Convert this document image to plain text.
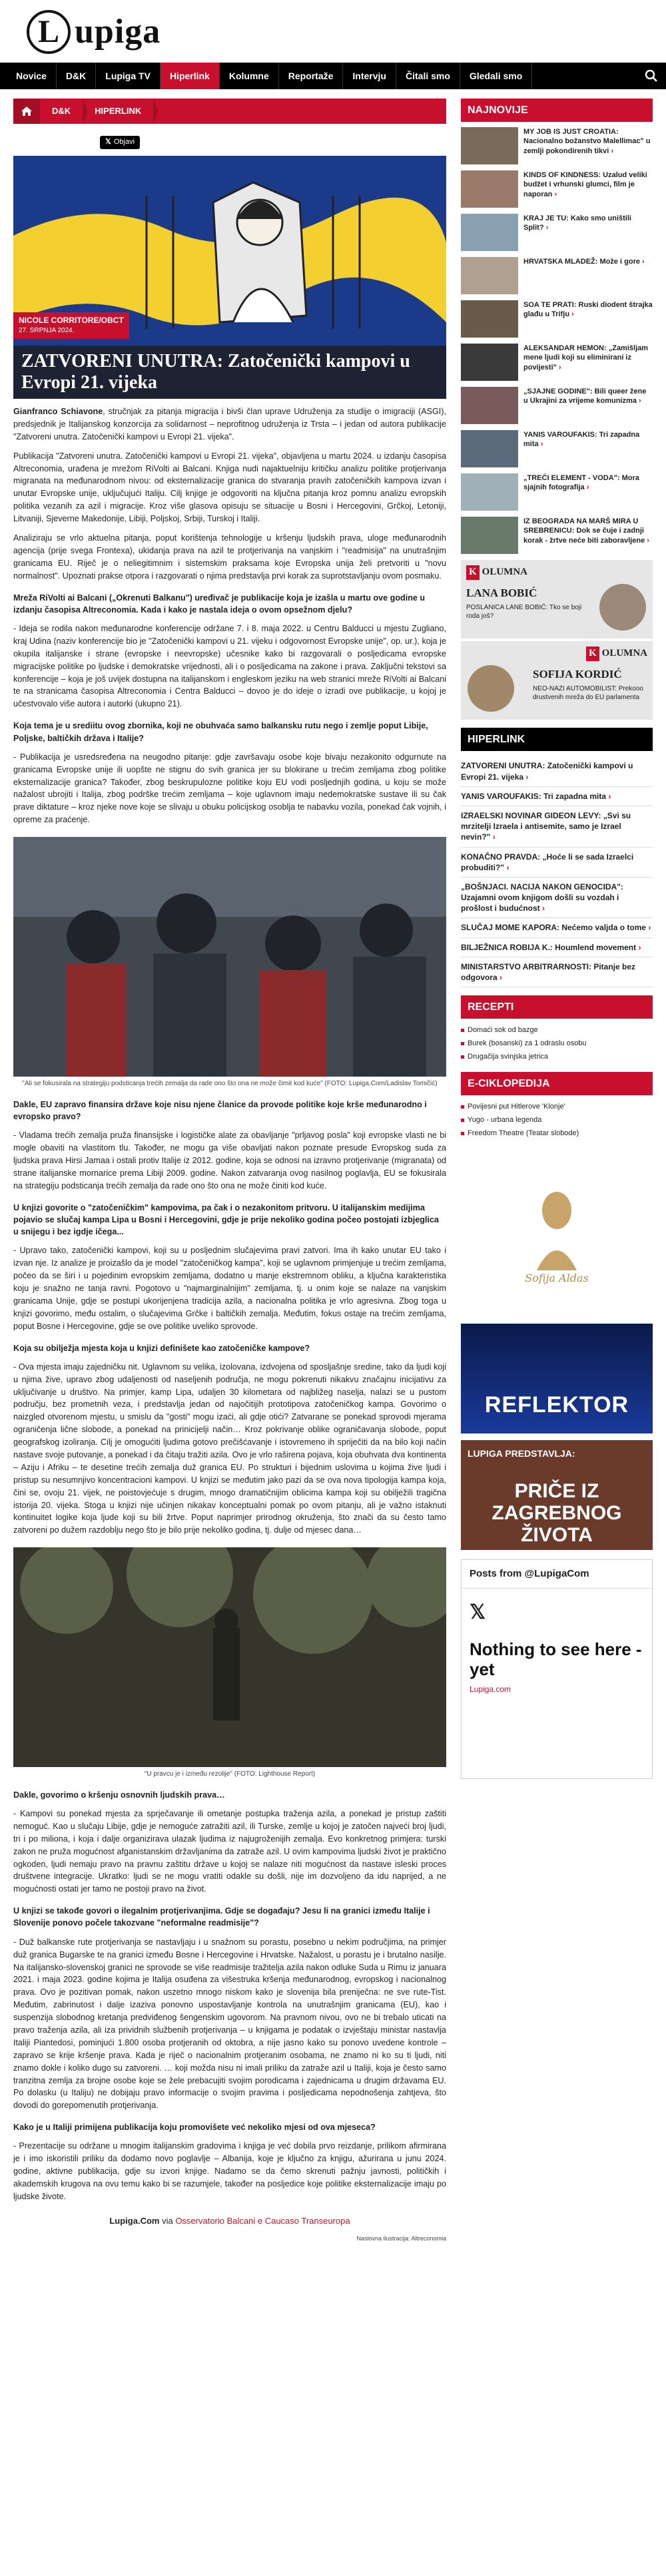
L upiga
Novice	D&K	Lupiga TV	Hiperlink	Kolumne	Reportaže	Intervju	Čitali smo	Gledali smo
D&K	HIPERLINK
𝕏 Objavi
NICOLE CORRITORE/OBCT
27. SRPNJA 2024.
ZATVORENI UNUTRA: Zatočenički kampovi u Evropi 21. vijeka

Gianfranco Schiavone, stručnjak za pitanja migracija i bivši član upravе Udruženja za studije o imigraciji (ASGI), predsjednik je Italijanskog konzorcija za solidarnost – neprofitnog udruženja iz Trsta – i jedan od autora publikacije "Zatvoreni unutra. Zatočenički kampovi u Evropi 21. vijeka".

Publikacija "Zatvoreni unutra. Zatočenički kampovi u Evropi 21. vijeka", objavljena u martu 2024. u izdanju časopisa Altreconomia, urađena je mrežom RiVolti ai Balcani. Knjiga nudi najaktuelniju kritičku analizu politike protjerivanja migranata na međunarodnom nivou: od eksternalizacije granica do stvaranja pravih zatočeničkih kampova izvan i unutar Evropske unije, uključujući Italiju. Cilj knjige je odgovoriti na ključna pitanja kroz pomnu analizu evropskih politika vezanih za azil i migracije. Kroz više glasova opisuju se situacije u Bosni i Hercegovini, Grčkoj, Letoniji, Litvaniji, Sjeverne Makedonije, Libiji, Poljskoj, Srbiji, Turskoj i Italiji.

Analiziraju se vrlo aktuelna pitanja, poput korištenja tehnologije u kršenju ljudskih prava, uloge međunarodnih agencija (prije svega Frontexa), ukidanja prava na azil te protjerivanja na vanjskim i "readmisija" na unutrašnjim granicama EU. Riječ je o neliegitimnim i sistemskim praksama koje Evropska unija želi pretvoriti u "novu normalnost". Upoznati prakse otpora i razgovarati o njima predstavlja prvi korak za suprotstavljanju ovom posmaku.

Mreža RiVolti ai Balcani („Okrenuti Balkanu") uređivač je publikacije koja je izašla u martu ove godine u izdanju časopisa Altreconomia. Kada i kako je nastala ideja o ovom opsežnom djelu?

- Ideja se rodila nakon međunarodne konferencije održane 7. i 8. maja 2022. u Centru Balducci u mjestu Zugliano, kraj Udina (naziv konferencije bio je "Zatočenički kampovi u 21. vijeku i odgovornost Evropske unije", op. ur.), koja je okupila italijanske i strane (evropske i neevropske) učesnike kako bi razgovarali o posljedicama evropske migracijske politike po ljudske i demokratske vrijednosti, ali i o posljedicama na zakone i prava. Zaključni tekstovi sa konferencije – koja je još uvijek dostupna na italijanskom i engleskom jeziku na web stranici mreže RiVolti ai Balcani te na stranicama časopisa Altreconomia i Centra Balducci – dovoo je do ideje o izradi ove publikacije, u kojoj je učestvovalo više autora i autorki (ukupno 21).

Koja tema je u srediitu ovog zbornika, koji ne obuhvaća samo balkansku rutu nego i zemlje poput Libije, Poljske, baltičkih država i Italije?

- Publikacija je usredsređena na neugodno pitanje: gdje završavaju osobe koje bivaju nezakonito odgurnute na granicama Evropske unije ili uopšte ne stignu do svih granica jer su blokirane u trećim zemljama zbog politike eksternalizacije granica? Također, zbog beskrupulozne politike koju EU vodi posljednjih godina, u koju se može nažalost ubrojiti i Italija, zbog podrške trećim zemljama – koje uglavnom imaju nedemokratske sustave ili su čak prave diktature – kroz njeke nove koje se slivaju u obuku policijskog osoblja te nabavku vozila, ponekad čak vojnih, i opreme za praćenje.

"Ali se fokusirala na strategiju podsticanja trećih zemalja da rade ono što ona ne može čimit kod kuće" (FOTO: Lupiga.Com/Ladislav Tomičić)

Dakle, EU zapravo finansira države koje nisu njene članice da provode politike koje krše međunarodno i evropsko pravo?

- Vladama trećih zemalja pruža finansijske i logističke alate za obavljanje "prljavog posla" koji evropske vlasti ne bi mogle obaviti na vlastitom tlu. Također, ne mogu ga više obavljati nakon poznate presude Evropskog suda za ljudska prava Hirsi Jamaa i ostali protiv Italije iz 2012. godine, koja se odnosi na izravno protjerivanje (migranata) od strane italijanske mornarice prema Libiji 2009. godine. Nakon zatvaranja ovog nasilnog poglavlja, EU se fokusirala na strategiju podsticanja trećih zemalja da rade ono što ona ne može činiti kod kuće.

U knjizi govorite o "zatočeničkim" kampovima, pa čak i o nezakonitom pritvoru. U italijanskim medijima pojavio se slučaj kampa Lipa u Bosni i Hercegovini, gdje je prije nekoliko godina počeo postojati izbjeglica u snijegu i bez igdje ičega...

- Upravo tako, zatočenički kampovi, koji su u posljednim slučajevima pravi zatvori. Ima ih kako unutar EU tako i izvan nje. Iz analize je proizašlo da je model "zatočeničkog kampa", koji se uglavnom primjenjuje u trećim zemljama, počeo da se širi i u pojedinim evropskim zemljama, dodatno u manje ekstremnom obliku, a ključna karakteristika koju je snažno ne tanja ravni. Pogotovo u "najmarginalnijim" zemljama, tj. u onim koje se nalaze na vanjskim granicama Unije, gdje se postupi ukorijenjena tradicija azila, a nacionalna politika je vrlo agresivna. Zbog toga u knjizi govorimo, među ostalim, o slučajevima Grčke i baltičkih zemalja. Međutim, fokus ostaje na trećim zemljama, poput Bosne i Hercegovine, gdje se ove politike uveliko sprovode.

Koja su obilježja mjesta koja u knjizi definišete kao zatočeničke kampove?

- Ova mjesta imaju zajedničku nit. Uglavnom su velika, izolovana, izdvojena od sposljašnje sredine, tako da ljudi koji u njima žive, upravo zbog udaljenosti od naseljenih područja, ne mogu pokrenuti nikakvu značajnu inicijativu za uključivanje u društvo. Na primjer, kamp Lipa, udaljen 30 kilometara od najbližeg naselja, nalazi se u pustom području, bez prometnih veza, i predstavlja jedan od najočitijih prototipova zatočeničkog kampa. Govorimo o naizgled otvorenom mjestu, u smislu da "gosti" mogu izaći, ali gdje otići? Zatvarane se ponekad sprovodi mjerama ograničenja lične slobode, a ponekad na prinicijelji način… Kroz pokrivanje oblike ograničavanja slobode, poput geografskog izoliranja. Cilj je omogućiti ljudima gotovo prečišćavanje i istovremeno ih spriječiti da na bilo koji način nastave svoje putovanje, a ponekad i da čitaju tražiti azila. Ovo je vrlo raširena pojava, koja obuhvata dva kontinenta – Aziju i Afriku – te desetine trećih zemalja duž granica EU. Po strukturi i bijednim uslovima u kojima žive ljudi i pristup su nesumnjivo koncentracioni kampovi. U knjizi se međutim jako pazi da se ova nova tipologija kampa koja, čini se, ovoju 21. vijek, ne poistovjećuje s drugim, mnogo dramatičnijim oblicima kampa koji su obilježili tragična istorija 20. vijeka. Stoga u knjizi nije učinjen nikakav konceptualni pomak po ovom pitanju, ali je važno istaknuti kontinuitet logike koja ljude koji su bili žrtve. Poput naprimjer prirodnog okruženja, što znači da su često tamo zatvoreni po dužem razdoblju nego što je bilo prije nekoliko godina, tj. dulje od mjesec dana…

"U pravcu je i između rezolije" (FOTO: Lighthouse Report)

Dakle, govorimo o kršenju osnovnih ljudskih prava…

- Kampovi su ponekad mjesta za sprječavanje ili ometanje postupka traženja azila, a ponekad je pristup zaštiti nemoguć. Kao u slučaju Libije, gdje je nemoguće zatražiti azil, ili Turske, zemlje u kojoj je zatočen najveći broj ljudi, tri i po miliona, i koja i dalje organizirava ulazak ljudima iz najugroženijih zemalja. Evo konkretnog primjera: turski zakon ne pruža mogućnost afganistanskim državljanima da zatraže azil. U ovim kampovima ljudski život je praktično ogkoden, ljudi nemaju pravo na pravnu zaštitu države u kojoj se nalaze niti mogućnost da nastave isleski proces društvene integracije. Ukratko: ljudi se ne mogu vratiti odakle su došli, nije im dozvoljeno da idu naprijed, a ne mogućnosti ostati jer tamo ne postoji pravo na život.

U knjizi se takođe govori o ilegalnim protjerivanjima. Gdje se događaju? Jesu li na granici između Italije i Slovenije ponovo počele takozvane "neformalne readmisije"?

- Duž balkanske rute protjerivanja se nastavljaju i u snažnom su porastu, posebno u nekim područjima, na primjer duž granica Bugarske te na granici između Bosne i Hercegovine i Hrvatske. Nažalost, u porastu je i brutalno nasilje. Na italijansko-slovenskoj granici ne sprovode se više readmisije tražitelja azila nakon odluke Suda u Rimu iz januara 2021. i maja 2023. godine kojima je Italija osuđena za višestruka kršenja međunarodnog, evropskog i nacionalnog prava. Ovo je pozitivan pomak, nakon uszetno mnogo niskom kako je slovenija bila preniječna: ne sve rute-Tist. Međutim, zabrinutost i dalje izaziva ponovno uspostavljanje kontrola na unutrašnjim granicama (EU), kao i suspenzija slobodnog kretanja predviđenog šengenskim ugovorom. Na pravnom nivou, ovo ne bi trebalo uticati na pravo traženja azila, ali iza prividnih službenih protjerivanja – u knjigama je podatak o izvještaju ministar nastavlja Italiji Piantedosi, pominjući 1.800 osoba protjeranih od oktobra, a nije jasno kako su ponovo uvedene kontrole – zapravo se krije kršenje prava. Kada je riječ o nacionalnim protjeranim osobama, ne znamo ni ko su ti ljudi, niti znamo dokle i koliko dugo su zatvoreni. … koji možda nisu ni imali priliku da zatraže azil u Italiji, koja je često samo tranzitna zemlja za brojne osobe koje se žele prebacujiti svojim porodicama i zajednicama u drugim državama EU. Po dolasku (u Italiju) ne dobijaju pravo informacije o svojim pravima i posljedicama nepodnošenja zahtjeva, što dovodi do gorepomenutih protjerivanja.

Kako je u Italiji primijena publikacija koju promovišete već nekoliko mjesi od ova mjeseca?

- Prezentacije su održane u mnogim italijanskim gradovima i knjiga je već dobila prvo reizdanje, prilikom afirmirana je i imo iskoristili priliku da dodamo novo poglavlje – Albanija, koje je ključno za knjigu, ažurirana u junu 2024. godine, aktivne publikacija, gdje su izvori knjige. Nadamo se da čemo skrenuti pažnju javnosti, političkih i akademskih krugova na ovu temu kako bi se razumjele, također na posljedice koje politike eksternalizacije imaju po ljudske živote.

Lupiga.Com via Osservatorio Balcani e Caucaso Transeuropa
Naslovna ilustracija: Altreconomia
NAJNOVIJE
MY JOB IS JUST CROATIA: Nacionalno božanstvo Malellimac" u zemlji pokondirenih tikvi ›
KINDS OF KINDNESS: Uzalud veliki budžet i vrhunski glumci, film je naporan ›
KRAJ JE TU: Kako smo uništili Split? ›
HRVATSKA MLADEŽ: Može i gore ›
SOA TE PRATI: Ruski diodent štrajka glađu u Trifju ›
ALEKSANDAR HEMON: „Zamišljam mene ljudi koji su eliminirani iz povijesti" ›
„SJAJNE GODINE": Bili queer žene u Ukrajini za vrijeme komunizma ›
YANIS VAROUFAKIS: Tri zapadna mita ›
„TREĆI ELEMENT - VODA": Mora sjajnih fotografija ›
IZ BEOGRADA NA MARŠ MIRA U SREBRENICU: Dok se čuje i zadnji korak - žrtve neće biti zaboravljene ›
K OLUMNA
LANA BOBIĆ
POSLANICA LANE BOBIĆ: Tko se boji roda još?
K OLUMNA
SOFIJA KORDIĆ
NEO-NAZI AUTOMOBILIST: Prekooo drustvenih mreža do EU parlamenta
HIPERLINK
ZATVORENI UNUTRA: Zatočenički kampovi u Evropi 21. vijeka ›
YANIS VAROUFAKIS: Tri zapadna mita ›
IZRAELSKI NOVINAR GIDEON LEVY: „Svi su mrzitelji Izraela i antisemite, samo je Izrael nevin?" ›
KONAČNO PRAVDA: „Hoće li se sada Izraelci probuditi?" ›
„BOŠNJACI. NACIJA NAKON GENOCIDA": Uzajamni ovom knjigom došli su vozdah i prošlost i budućnost ›
SLUČAJ MOME KAPORA: Nećemo valjda o tome ›
BILJEŽNICA ROBIJA K.: Houmlend movement ›
MINISTARSTVO ARBITRARNOSTI: Pitanje bez odgovora ›
RECEPTI
Domaći sok od bazge
Burek (bosanski) za 1 odraslu osobu
Drugačija svinjska jetrica
E-CIKLOPEDIJA
Povijesni put Hitlerove 'Klonje'
Yugo - urbana legenda
Freedom Theatre (Teatar slobode)
Sofija Aldas
REFLEKTOR
LUPIGA PREDSTAVLJA:
PRIČE IZ ZAGREBNOG ŽIVOTA
Posts from @LupigaCom
𝕏
Nothing to see here - yet
Lupiga.com
